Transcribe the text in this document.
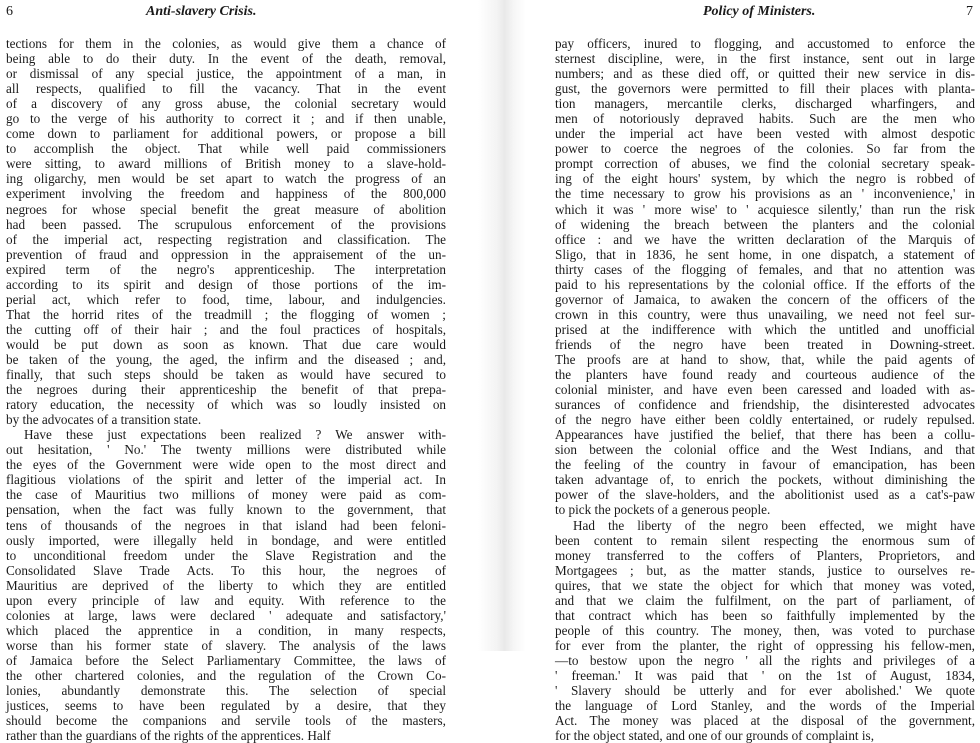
6	Anti-slavery Crisis.
tections for them in the colonies, as would give them a chance of
being able to do their duty. In the event of the death, removal,
or dismissal of any special justice, the appointment of a man, in
all respects, qualified to fill the vacancy. That in the event
of a discovery of any gross abuse, the colonial secretary would
go to the verge of his authority to correct it ; and if then unable,
come down to parliament for additional powers, or propose a bill
to accomplish the object. That while well paid commissioners
were sitting, to award millions of British money to a slave-hold-
ing oligarchy, men would be set apart to watch the progress of an
experiment involving the freedom and happiness of the 800,000
negroes for whose special benefit the great measure of abolition
had been passed. The scrupulous enforcement of the provisions
of the imperial act, respecting registration and classification. The
prevention of fraud and oppression in the appraisement of the un-
expired term of the negro's apprenticeship. The interpretation
according to its spirit and design of those portions of the im-
perial act, which refer to food, time, labour, and indulgencies.
That the horrid rites of the treadmill ; the flogging of women ;
the cutting off of their hair ; and the foul practices of hospitals,
would be put down as soon as known. That due care would
be taken of the young, the aged, the infirm and the diseased ; and,
finally, that such steps should be taken as would have secured to
the negroes during their apprenticeship the benefit of that prepa-
ratory education, the necessity of which was so loudly insisted on
by the advocates of a transition state.
Have these just expectations been realized ? We answer with-
out hesitation, ' No.' The twenty millions were distributed while
the eyes of the Government were wide open to the most direct and
flagitious violations of the spirit and letter of the imperial act. In
the case of Mauritius two millions of money were paid as com-
pensation, when the fact was fully known to the government, that
tens of thousands of the negroes in that island had been feloni-
ously imported, were illegally held in bondage, and were entitled
to unconditional freedom under the Slave Registration and the
Consolidated Slave Trade Acts. To this hour, the negroes of
Mauritius are deprived of the liberty to which they are entitled
upon every principle of law and equity. With reference to the
colonies at large, laws were declared ' adequate and satisfactory,'
which placed the apprentice in a condition, in many respects,
worse than his former state of slavery. The analysis of the laws
of Jamaica before the Select Parliamentary Committee, the laws of
the other chartered colonies, and the regulation of the Crown Co-
lonies, abundantly demonstrate this. The selection of special
justices, seems to have been regulated by a desire, that they
should become the companions and servile tools of the masters,
rather than the guardians of the rights of the apprentices. Half
Policy of Ministers.	7
pay officers, inured to flogging, and accustomed to enforce the
sternest discipline, were, in the first instance, sent out in large
numbers; and as these died off, or quitted their new service in dis-
gust, the governors were permitted to fill their places with planta-
tion managers, mercantile clerks, discharged wharfingers, and
men of notoriously depraved habits. Such are the men who
under the imperial act have been vested with almost despotic
power to coerce the negroes of the colonies. So far from the
prompt correction of abuses, we find the colonial secretary speak-
ing of the eight hours' system, by which the negro is robbed of
the time necessary to grow his provisions as an ' inconvenience,' in
which it was ' more wise' to ' acquiesce silently,' than run the risk
of widening the breach between the planters and the colonial
office : and we have the written declaration of the Marquis of
Sligo, that in 1836, he sent home, in one dispatch, a statement of
thirty cases of the flogging of females, and that no attention was
paid to his representations by the colonial office. If the efforts of the
governor of Jamaica, to awaken the concern of the officers of the
crown in this country, were thus unavailing, we need not feel sur-
prised at the indifference with which the untitled and unofficial
friends of the negro have been treated in Downing-street.
The proofs are at hand to show, that, while the paid agents of
the planters have found ready and courteous audience of the
colonial minister, and have even been caressed and loaded with as-
surances of confidence and friendship, the disinterested advocates
of the negro have either been coldly entertained, or rudely repulsed.
Appearances have justified the belief, that there has been a collu-
sion between the colonial office and the West Indians, and that
the feeling of the country in favour of emancipation, has been
taken advantage of, to enrich the pockets, without diminishing the
power of the slave-holders, and the abolitionist used as a cat's-paw
to pick the pockets of a generous people.
Had the liberty of the negro been effected, we might have
been content to remain silent respecting the enormous sum of
money transferred to the coffers of Planters, Proprietors, and
Mortgagees ; but, as the matter stands, justice to ourselves re-
quires, that we state the object for which that money was voted,
and that we claim the fulfilment, on the part of parliament, of
that contract which has been so faithfully implemented by the
people of this country. The money, then, was voted to purchase
for ever from the planter, the right of oppressing his fellow-men,
—to bestow upon the negro ' all the rights and privileges of a
' freeman.' It was paid that ' on the 1st of August, 1834,
' Slavery should be utterly and for ever abolished.' We quote
the language of Lord Stanley, and the words of the Imperial
Act. The money was placed at the disposal of the government,
for the object stated, and one of our grounds of complaint is,
